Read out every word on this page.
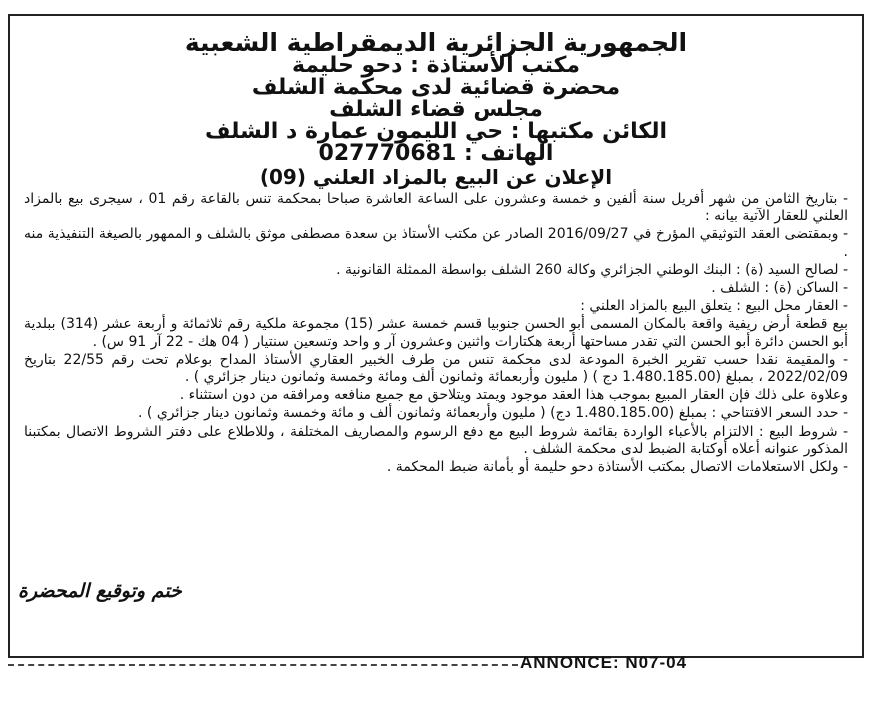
الجمهورية الجزائرية الديمقراطية الشعبية
مكتب الأستاذة : دحو حليمة
محضرة قضائية لدى محكمة الشلف
مجلس قضاء الشلف
الكائن مكتبها : حي الليمون عمارة د الشلف
الهاتف : 027770681
الإعلان عن البيع بالمزاد العلني (09)

- بتاريخ الثامن من شهر أفريل سنة ألفين و خمسة وعشرون على الساعة العاشرة صباحا بمحكمة تنس بالقاعة رقم 01 ، سيجرى بيع بالمزاد العلني للعقار الآتية بيانه :

- وبمقتضى العقد التوثيقي المؤرخ في 2016/09/27 الصادر عن مكتب الأستاذ بن سعدة مصطفى موثق بالشلف و الممهور بالصيغة التنفيذية منه .

- لصالح السيد (ة) : البنك الوطني الجزائري وكالة 260 الشلف بواسطة الممثلة القانونية .

- الساكن (ة) : الشلف .

- العقار محل البيع : يتعلق البيع بالمزاد العلني :

بيع قطعة أرض ريفية واقعة بالمكان المسمى أبو الحسن جنوبيا قسم خمسة عشر (15) مجموعة ملكية رقم ثلاثمائة و أربعة عشر (314) ببلدية أبو الحسن دائرة أبو الحسن التي تقدر مساحتها أربعة هكتارات واثنين وعشرون آر و واحد وتسعين سنتيار ( 04 هك - 22 آر 91 س) .

- والمقيمة نقدا حسب تقرير الخبرة المودعة لدى محكمة تنس من طرف الخبير العقاري الأستاذ المداح بوعلام تحت رقم 22/55 بتاريخ 2022/02/09 ، بمبلغ (1.480.185.00 دج ) ( مليون وأربعمائة وثمانون ألف ومائة وخمسة وثمانون دينار جزائري ) .

وعلاوة على ذلك فإن العقار المبيع بموجب هذا العقد موجود ويمتد ويتلاحق مع جميع منافعه ومرافقه من دون استثناء .

- حدد السعر الافتتاحي : بمبلغ (1.480.185.00 دج) ( مليون وأربعمائة وثمانون ألف و مائة وخمسة وثمانون دينار جزائري ) .

- شروط البيع : الالتزام بالأعباء الواردة بقائمة شروط البيع مع دفع الرسوم والمصاريف المختلفة ، وللاطلاع على دفتر الشروط الاتصال بمكتبنا المذكور عنوانه أعلاه أوكتابة الضبط لدى محكمة الشلف .

- ولكل الاستعلامات الاتصال بمكتب الأستاذة دحو حليمة أو بأمانة ضبط المحكمة .

ختم وتوقيع المحضرة
ANNONCE: N07-04
